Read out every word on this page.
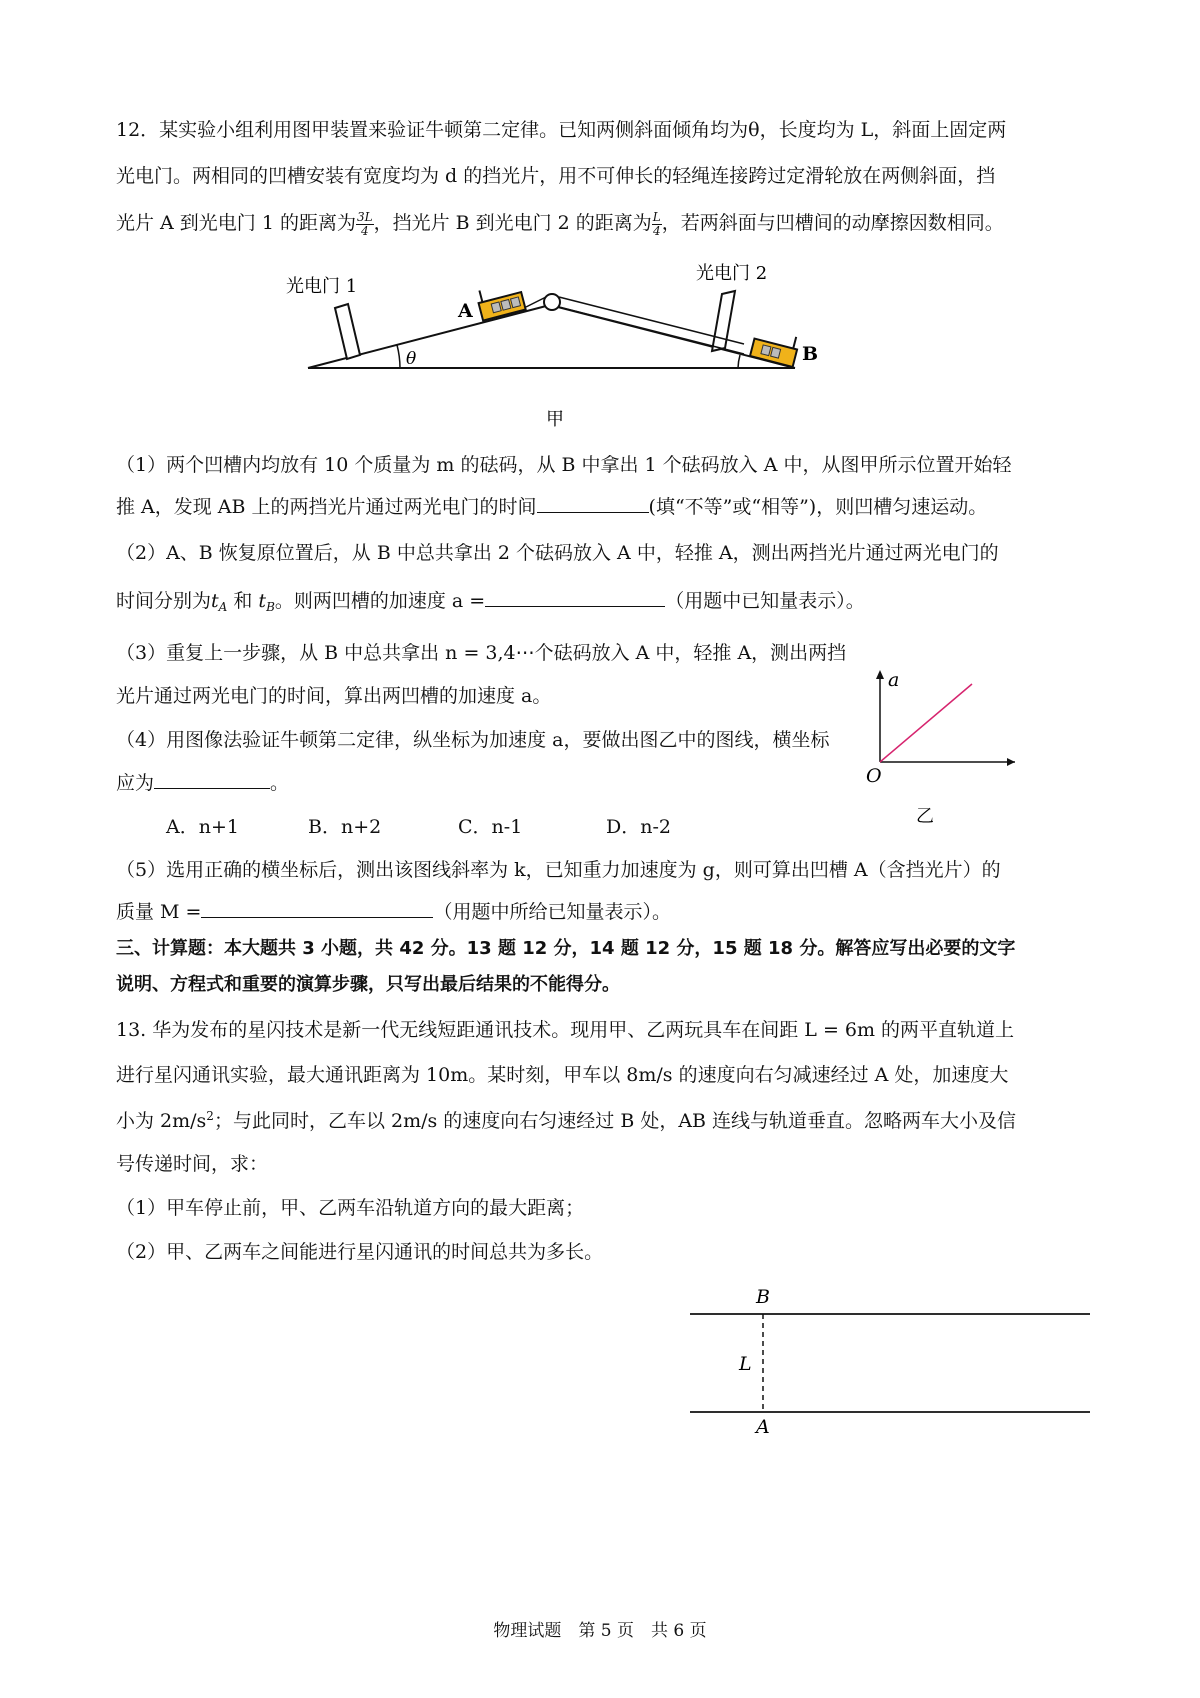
12．某实验小组利用图甲装置来验证牛顿第二定律。已知两侧斜面倾角均为θ，长度均为 L，斜面上固定两
光电门。两相同的凹槽安装有宽度均为 d 的挡光片，用不可伸长的轻绳连接跨过定滑轮放在两侧斜面，挡
光片 A 到光电门 1 的距离为 $\frac{3L}{4}$ ，挡光片 B 到光电门 2 的距离为 $\frac{L}{4}$ ，若两斜面与凹槽间的动摩擦因数相同。
θ
光电门 1
光电门 2
A
B
甲
（1）两个凹槽内均放有 10 个质量为 m 的砝码，从 B 中拿出 1 个砝码放入 A 中，从图甲所示位置开始轻
推 A，发现 AB 上的两挡光片通过两光电门的时间	(填“不等”或“相等”)，则凹槽匀速运动。
（2）A、B 恢复原位置后，从 B 中总共拿出 2 个砝码放入 A 中，轻推 A，测出两挡光片通过两光电门的
时间分别为$t_A$ 和 $t_B$。则两凹槽的加速度 a =	（用题中已知量表示）。
（3）重复上一步骤，从 B 中总共拿出 n = 3,4⋯个砝码放入 A 中，轻推 A，测出两挡
光片通过两光电门的时间，算出两凹槽的加速度 a。
（4）用图像法验证牛顿第二定律，纵坐标为加速度 a，要做出图乙中的图线，横坐标
应为	。
A．n+1	B．n+2	C．n-1	D．n-2
a
O
乙
（5）选用正确的横坐标后，测出该图线斜率为 k，已知重力加速度为 g，则可算出凹槽 A（含挡光片）的
质量 M =	（用题中所给已知量表示）。
三、计算题：本大题共 3 小题，共 42 分。13 题 12 分，14 题 12 分，15 题 18 分。解答应写出必要的文字
说明、方程式和重要的演算步骤，只写出最后结果的不能得分。
13. 华为发布的星闪技术是新一代无线短距通讯技术。现用甲、乙两玩具车在间距 L = 6m 的两平直轨道上
进行星闪通讯实验，最大通讯距离为 10m。某时刻，甲车以 8m/s 的速度向右匀减速经过 A 处，加速度大
小为 $2m/s^2$；与此同时，乙车以 2m/s 的速度向右匀速经过 B 处，AB 连线与轨道垂直。忽略两车大小及信
号传递时间，求：
（1）甲车停止前，甲、乙两车沿轨道方向的最大距离；
（2）甲、乙两车之间能进行星闪通讯的时间总共为多长。
B
L
A
物理试题　第 5 页　共 6 页
